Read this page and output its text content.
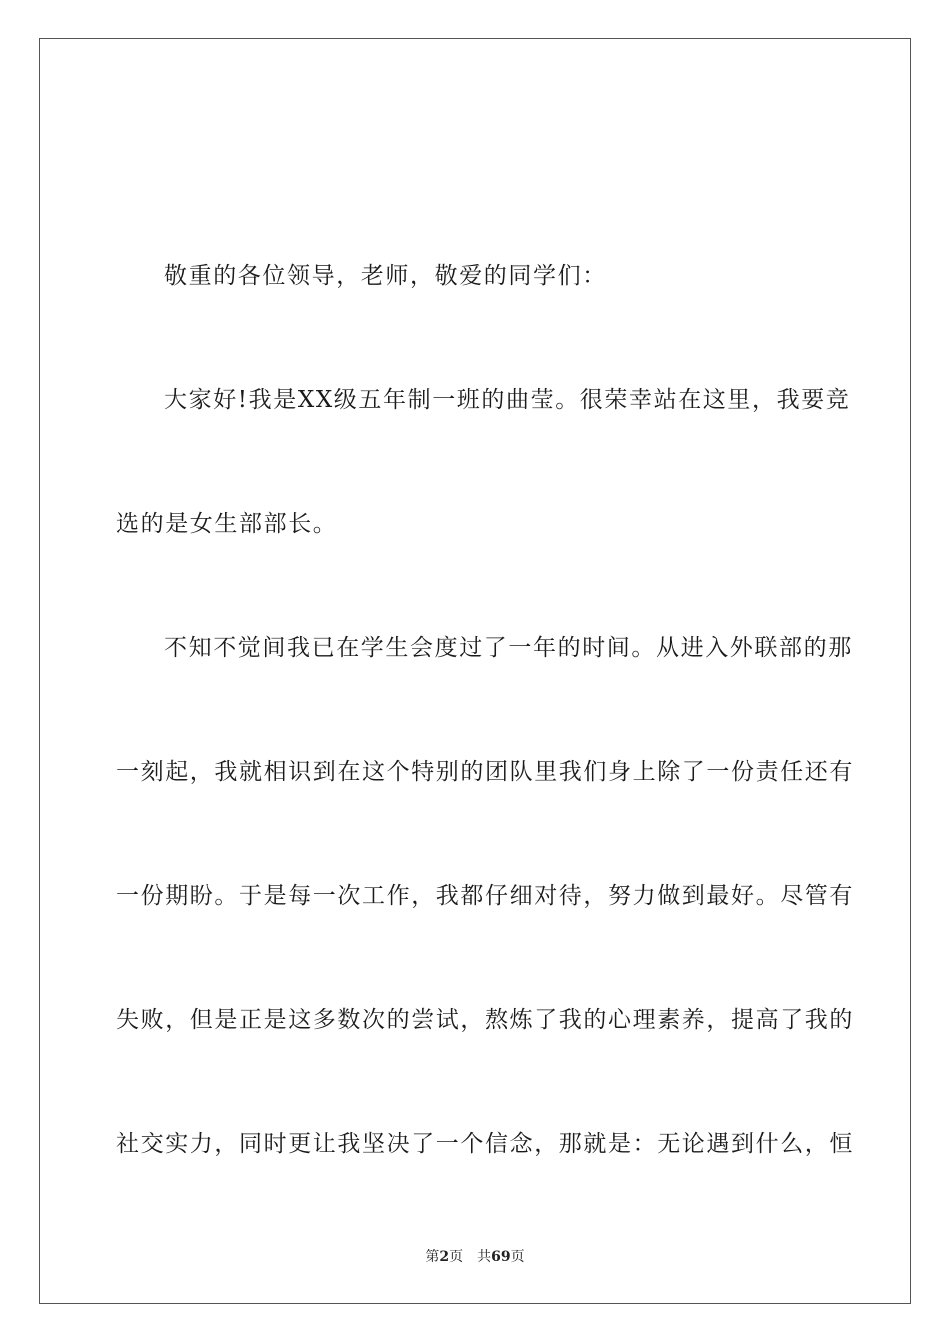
敬重的各位领导，老师，敬爱的同学们：
大家好!我是XX级五年制一班的曲莹。很荣幸站在这里，我要竞
选的是女生部部长。
不知不觉间我已在学生会度过了一年的时间。从进入外联部的那
一刻起，我就相识到在这个特别的团队里我们身上除了一份责任还有
一份期盼。于是每一次工作，我都仔细对待，努力做到最好。尽管有
失败，但是正是这多数次的尝试，熬炼了我的心理素养，提高了我的
社交实力，同时更让我坚决了一个信念，那就是：无论遇到什么，恒
第2页 共69页
